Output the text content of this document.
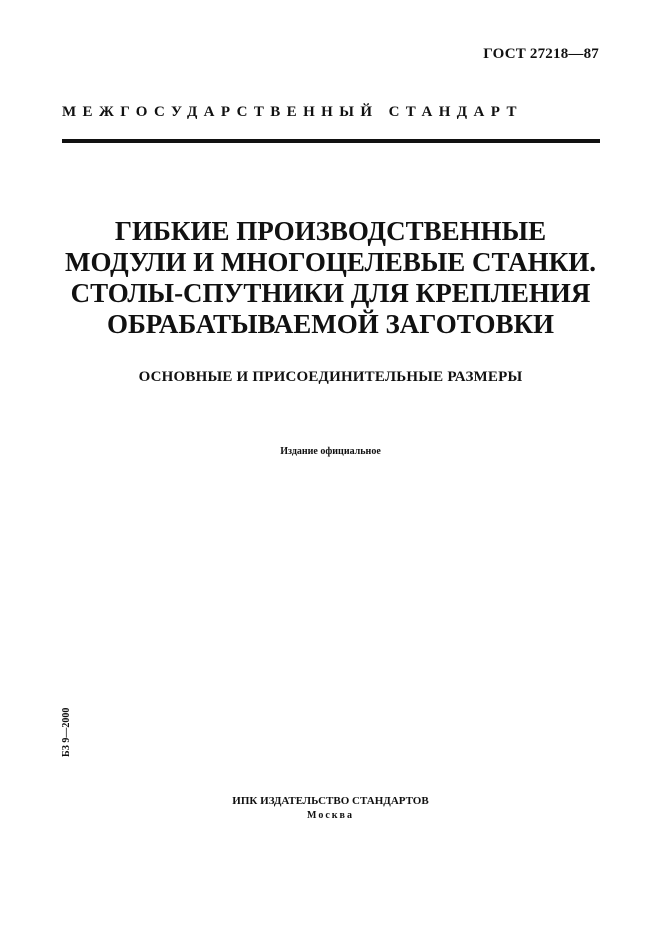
ГОСТ 27218—87
МЕЖГОСУДАРСТВЕННЫЙ СТАНДАРТ
ГИБКИЕ ПРОИЗВОДСТВЕННЫЕ
МОДУЛИ И МНОГОЦЕЛЕВЫЕ СТАНКИ.
СТОЛЫ-СПУТНИКИ ДЛЯ КРЕПЛЕНИЯ
ОБРАБАТЫВАЕМОЙ ЗАГОТОВКИ
ОСНОВНЫЕ И ПРИСОЕДИНИТЕЛЬНЫЕ РАЗМЕРЫ
Издание официальное
БЗ 9—2000
ИПК ИЗДАТЕЛЬСТВО СТАНДАРТОВ
Москва
